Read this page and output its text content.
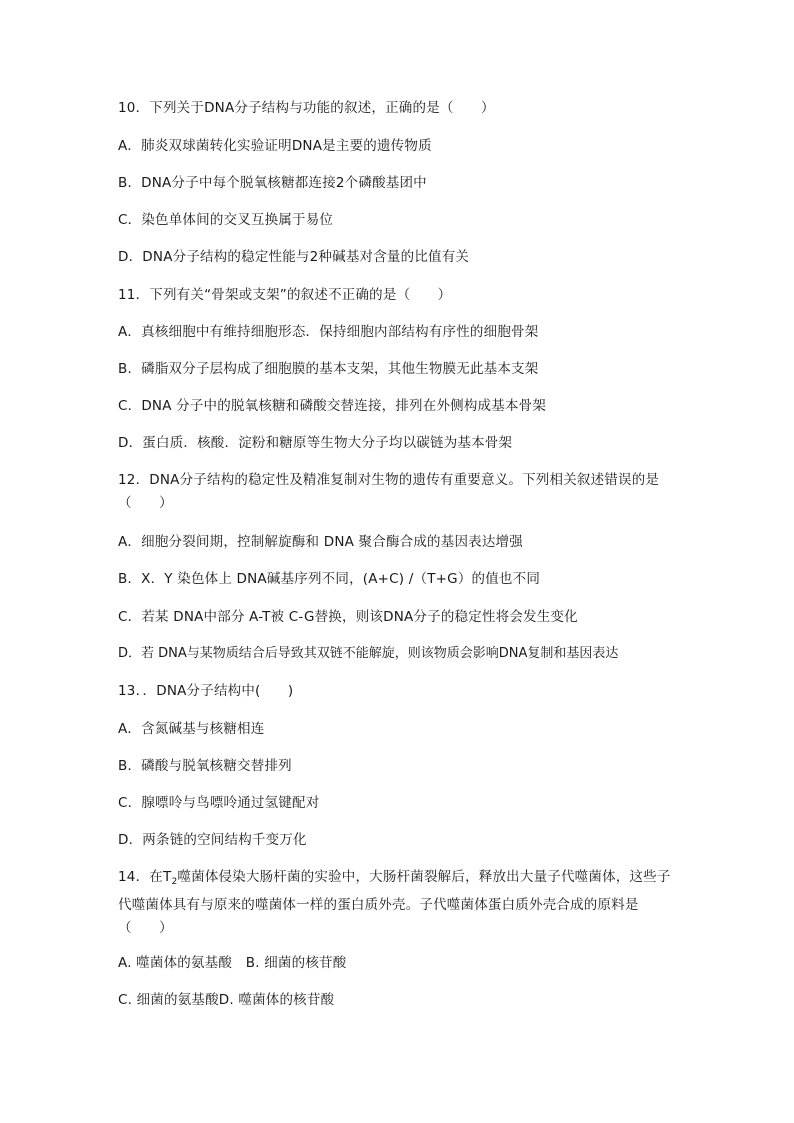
10．下列关于DNA分子结构与功能的叙述，正确的是（　　）
A．肺炎双球菌转化实验证明DNA是主要的遗传物质
B．DNA分子中每个脱氧核糖都连接2个磷酸基团中
C．染色单体间的交叉互换属于易位
D．DNA分子结构的稳定性能与2种碱基对含量的比值有关
11．下列有关“骨架或支架”的叙述不正确的是（　　）
A．真核细胞中有维持细胞形态．保持细胞内部结构有序性的细胞骨架
B．磷脂双分子层构成了细胞膜的基本支架，其他生物膜无此基本支架
C．DNA 分子中的脱氧核糖和磷酸交替连接，排列在外侧构成基本骨架
D．蛋白质．核酸．淀粉和糖原等生物大分子均以碳链为基本骨架
12．DNA分子结构的稳定性及精准复制对生物的遗传有重要意义。下列相关叙述错误的是（　　）
A．细胞分裂间期，控制解旋酶和 DNA 聚合酶合成的基因表达增强
B．X．Y 染色体上 DNA碱基序列不同，(A+C) /（T+G）的值也不同
C．若某 DNA中部分 A-T被 C-G替换，则该DNA分子的稳定性将会发生变化
D．若 DNA与某物质结合后导致其双链不能解旋，则该物质会影响DNA复制和基因表达
13．．DNA分子结构中(　　)
A．含氮碱基与核糖相连
B．磷酸与脱氧核糖交替排列
C．腺嘌呤与鸟嘌呤通过氢键配对
D．两条链的空间结构千变万化
14．在$T_2$噬菌体侵染大肠杆菌的实验中，大肠杆菌裂解后，释放出大量子代噬菌体，这些子代噬菌体具有与原来的噬菌体一样的蛋白质外壳。子代噬菌体蛋白质外壳合成的原料是（　　）
A. 噬菌体的氨基酸　B. 细菌的核苷酸
C. 细菌的氨基酸D. 噬菌体的核苷酸
